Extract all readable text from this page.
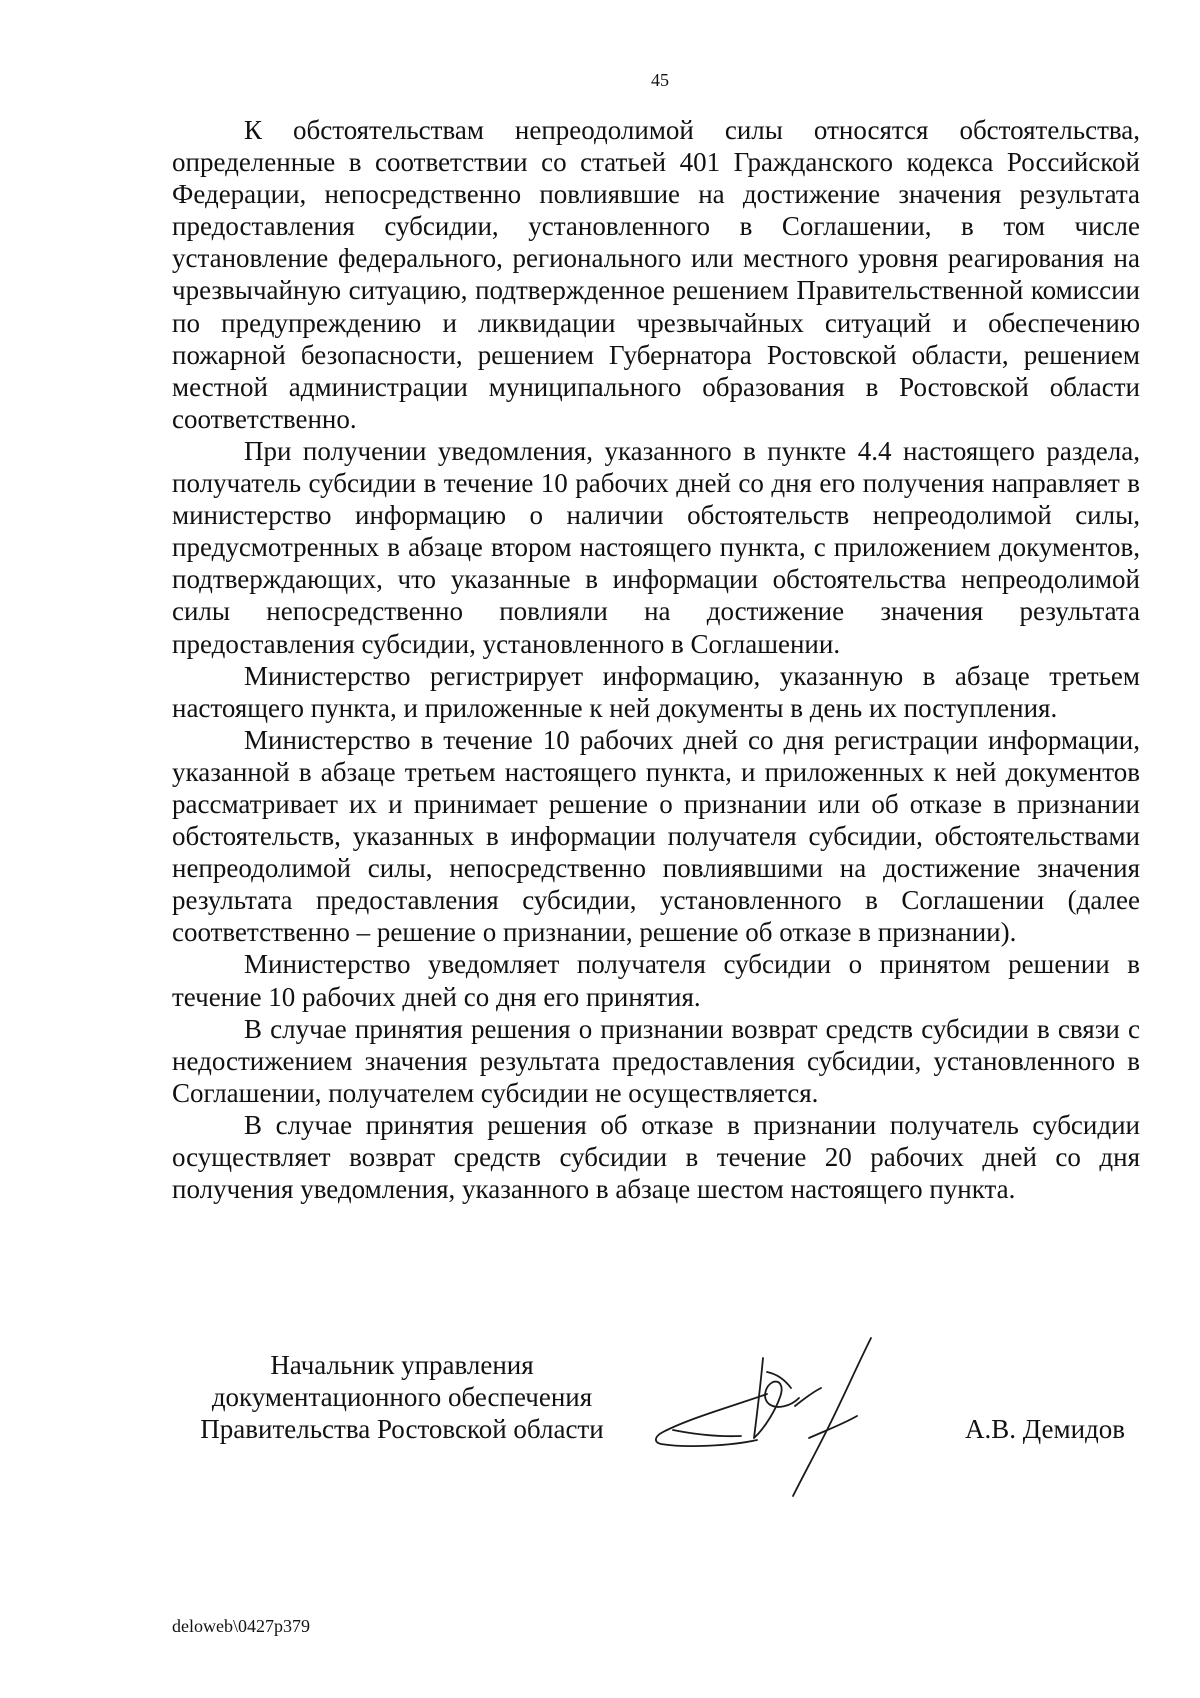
45

К обстоятельствам непреодолимой силы относятся обстоятельства, определенные в соответствии со статьей 401 Гражданского кодекса Российской Федерации, непосредственно повлиявшие на достижение значения результата предоставления субсидии, установленного в Соглашении, в том числе установление федерального, регионального или местного уровня реагирования на чрезвычайную ситуацию, подтвержденное решением Правительственной комиссии по предупреждению и ликвидации чрезвычайных ситуаций и обеспечению пожарной безопасности, решением Губернатора Ростовской области, решением местной администрации муниципального образования в Ростовской области соответственно.

При получении уведомления, указанного в пункте 4.4 настоящего раздела, получатель субсидии в течение 10 рабочих дней со дня его получения направляет в министерство информацию о наличии обстоятельств непреодолимой силы, предусмотренных в абзаце втором настоящего пункта, с приложением документов, подтверждающих, что указанные в информации обстоятельства непреодолимой силы непосредственно повлияли на достижение значения результата предоставления субсидии, установленного в Соглашении.

Министерство регистрирует информацию, указанную в абзаце третьем настоящего пункта, и приложенные к ней документы в день их поступления.

Министерство в течение 10 рабочих дней со дня регистрации информации, указанной в абзаце третьем настоящего пункта, и приложенных к ней документов рассматривает их и принимает решение о признании или об отказе в признании обстоятельств, указанных в информации получателя субсидии, обстоятельствами непреодолимой силы, непосредственно повлиявшими на достижение значения результата предоставления субсидии, установленного в Соглашении (далее соответственно – решение о признании, решение об отказе в признании).

Министерство уведомляет получателя субсидии о принятом решении в течение 10 рабочих дней со дня его принятия.

В случае принятия решения о признании возврат средств субсидии в связи с недостижением значения результата предоставления субсидии, установленного в Соглашении, получателем субсидии не осуществляется.

В случае принятия решения об отказе в признании получатель субсидии осуществляет возврат средств субсидии в течение 20 рабочих дней со дня получения уведомления, указанного в абзаце шестом настоящего пункта.

Начальник управления
документационного обеспечения
Правительства Ростовской области	А.В. Демидов
deloweb\0427p379
